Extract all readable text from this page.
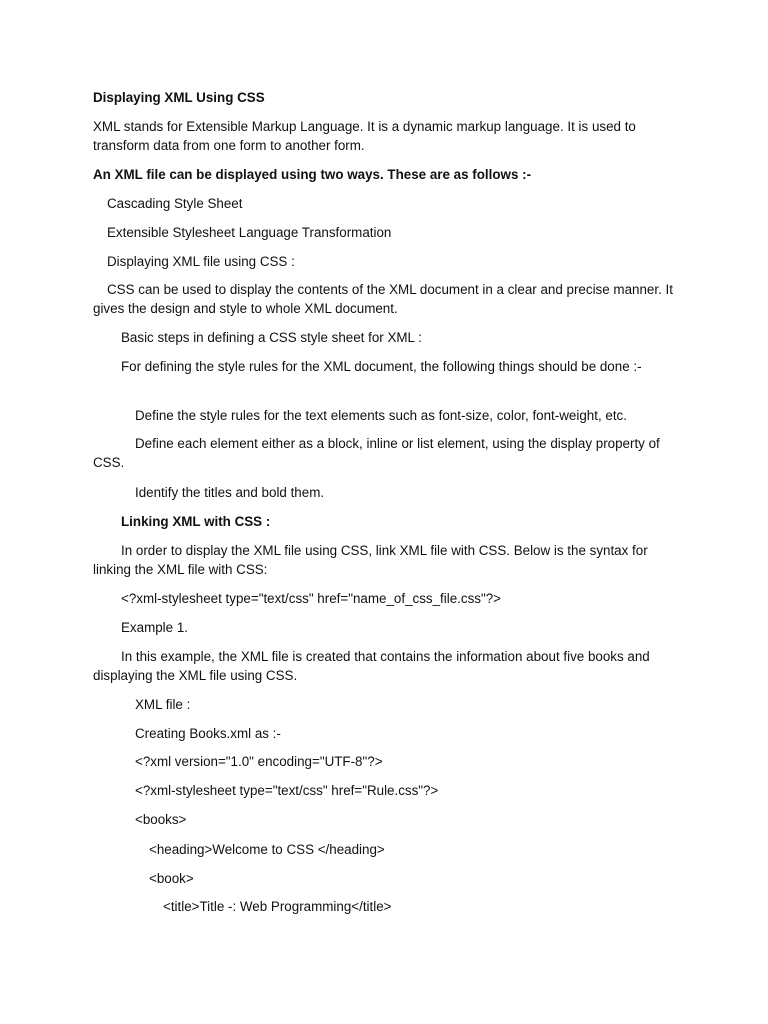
Displaying XML Using CSS
XML stands for Extensible Markup Language. It is a dynamic markup language. It is used to transform data from one form to another form.
An XML file can be displayed using two ways. These are as follows :-
Cascading Style Sheet
Extensible Stylesheet Language Transformation
Displaying XML file using CSS :
CSS can be used to display the contents of the XML document in a clear and precise manner. It gives the design and style to whole XML document.
Basic steps in defining a CSS style sheet for XML :
For defining the style rules for the XML document, the following things should be done :-
Define the style rules for the text elements such as font-size, color, font-weight, etc.
Define each element either as a block, inline or list element, using the display property of CSS.
Identify the titles and bold them.
Linking XML with CSS :
In order to display the XML file using CSS, link XML file with CSS. Below is the syntax for linking the XML file with CSS:
<?xml-stylesheet type="text/css" href="name_of_css_file.css"?>
Example 1.
In this example, the XML file is created that contains the information about five books and displaying the XML file using CSS.
XML file :
Creating Books.xml as :-
<?xml version="1.0" encoding="UTF-8"?>
<?xml-stylesheet type="text/css" href="Rule.css"?>
<books>
<heading>Welcome to CSS </heading>
<book>
<title>Title -: Web Programming</title>
